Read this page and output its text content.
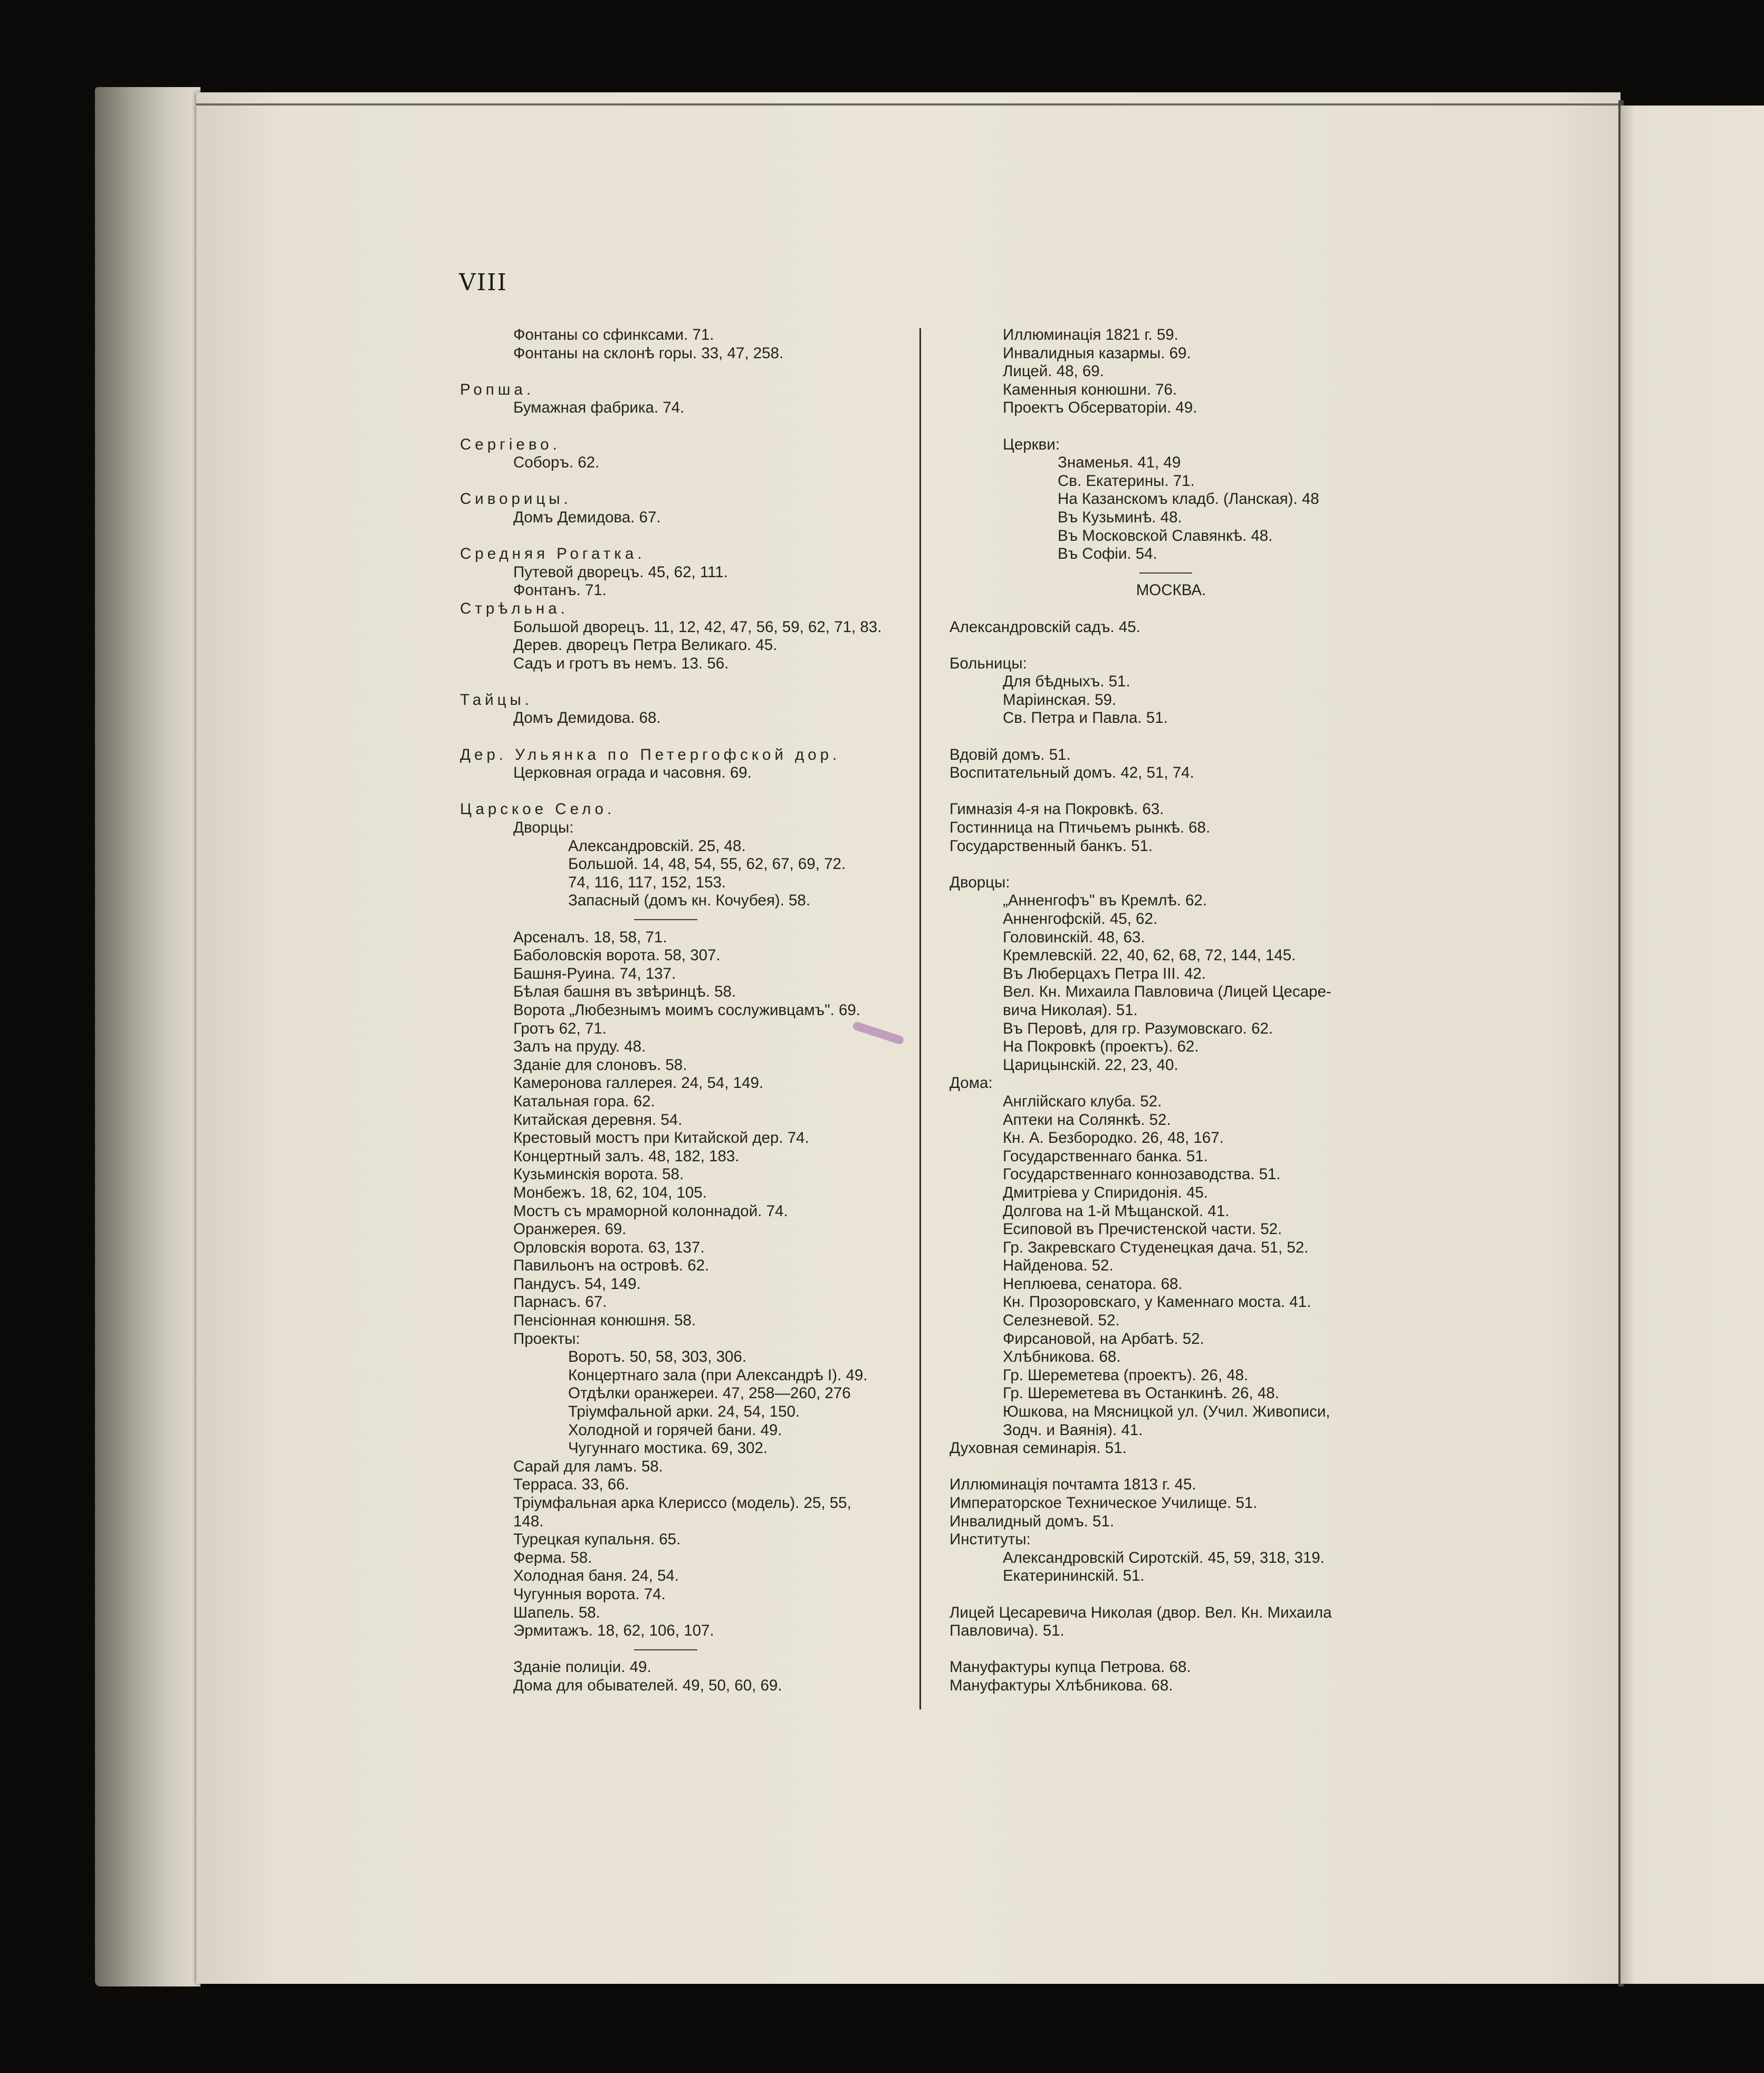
VIII
Фонтаны со сфинксами. 71.
Фонтаны на склонѣ горы. 33, 47, 258.
Ропша.
Бумажная фабрика. 74.
Сергiево.
Соборъ. 62.
Сиворицы.
Домъ Демидова. 67.
Средняя Рогатка.
Путевой дворецъ. 45, 62, 111.
Фонтанъ. 71.
Стрѣльна.
Большой дворецъ. 11, 12, 42, 47, 56, 59, 62, 71, 83.
Дерев. дворецъ Петра Великаго. 45.
Садъ и гротъ въ немъ. 13. 56.
Тайцы.
Домъ Демидова. 68.
Дер. Ульянка по Петергофской дор.
Церковная ограда и часовня. 69.
Царское Село.
Дворцы:
Александровскій. 25, 48.
Большой. 14, 48, 54, 55, 62, 67, 69, 72.
74, 116, 117, 152, 153.
Запасный (домъ кн. Кочубея). 58.
Арсеналъ. 18, 58, 71.
Баболовскія ворота. 58, 307.
Башня-Руина. 74, 137.
Бѣлая башня въ звѣринцѣ. 58.
Ворота „Любезнымъ моимъ сослуживцамъ". 69.
Гротъ 62, 71.
Залъ на пруду. 48.
Зданіе для слоновъ. 58.
Камеронова галлерея. 24, 54, 149.
Катальная гора. 62.
Китайская деревня. 54.
Крестовый мостъ при Китайской дер. 74.
Концертный залъ. 48, 182, 183.
Кузьминскія ворота. 58.
Монбежъ. 18, 62, 104, 105.
Мостъ съ мраморной колоннадой. 74.
Оранжерея. 69.
Орловскія ворота. 63, 137.
Павильонъ на островѣ. 62.
Пандусъ. 54, 149.
Парнасъ. 67.
Пенсіонная конюшня. 58.
Проекты:
Воротъ. 50, 58, 303, 306.
Концертнаго зала (при Александрѣ I). 49.
Отдѣлки оранжереи. 47, 258—260, 276
Тріумфальной арки. 24, 54, 150.
Холодной и горячей бани. 49.
Чугуннаго мостика. 69, 302.
Сарай для ламъ. 58.
Терраса. 33, 66.
Тріумфальная арка Клериссо (модель). 25, 55,
148.
Турецкая купальня. 65.
Ферма. 58.
Холодная баня. 24, 54.
Чугунныя ворота. 74.
Шапель. 58.
Эрмитажъ. 18, 62, 106, 107.
Зданіе полиціи. 49.
Дома для обывателей. 49, 50, 60, 69.
Иллюминація 1821 г. 59.
Инвалидныя казармы. 69.
Лицей. 48, 69.
Каменныя конюшни. 76.
Проектъ Обсерваторіи. 49.
Церкви:
Знаменья. 41, 49
Св. Екатерины. 71.
На Казанскомъ кладб. (Ланская). 48
Въ Кузьминѣ. 48.
Въ Московской Славянкѣ. 48.
Въ Софіи. 54.
МОСКВА.
Александровскій садъ. 45.
Больницы:
Для бѣдныхъ. 51.
Маріинская. 59.
Св. Петра и Павла. 51.
Вдовій домъ. 51.
Воспитательный домъ. 42, 51, 74.
Гимназія 4-я на Покровкѣ. 63.
Гостинница на Птичьемъ рынкѣ. 68.
Государственный банкъ. 51.
Дворцы:
„Анненгофъ" въ Кремлѣ. 62.
Анненгофскій. 45, 62.
Головинскій. 48, 63.
Кремлевскій. 22, 40, 62, 68, 72, 144, 145.
Въ Люберцахъ Петра III. 42.
Вел. Кн. Михаила Павловича (Лицей Цесаре-
вича Николая). 51.
Въ Перовѣ, для гр. Разумовскаго. 62.
На Покровкѣ (проектъ). 62.
Царицынскій. 22, 23, 40.
Дома:
Англійскаго клуба. 52.
Аптеки на Солянкѣ. 52.
Кн. А. Безбородко. 26, 48, 167.
Государственнаго банка. 51.
Государственнаго коннозаводства. 51.
Дмитріева у Спиридонія. 45.
Долгова на 1-й Мѣщанской. 41.
Есиповой въ Пречистенской части. 52.
Гр. Закревскаго Студенецкая дача. 51, 52.
Найденова. 52.
Неплюева, сенатора. 68.
Кн. Прозоровскаго, у Каменнаго моста. 41.
Селезневой. 52.
Фирсановой, на Арбатѣ. 52.
Хлѣбникова. 68.
Гр. Шереметева (проектъ). 26, 48.
Гр. Шереметева въ Останкинѣ. 26, 48.
Юшкова, на Мясницкой ул. (Учил. Живописи,
Зодч. и Ваянія). 41.
Духовная семинарія. 51.
Иллюминація почтамта 1813 г. 45.
Императорское Техническое Училище. 51.
Инвалидный домъ. 51.
Институты:
Александровскій Сиротскій. 45, 59, 318, 319.
Екатерининскій. 51.
Лицей Цесаревича Николая (двор. Вел. Кн. Михаила
Павловича). 51.
Мануфактуры купца Петрова. 68.
Мануфактуры Хлѣбникова. 68.
